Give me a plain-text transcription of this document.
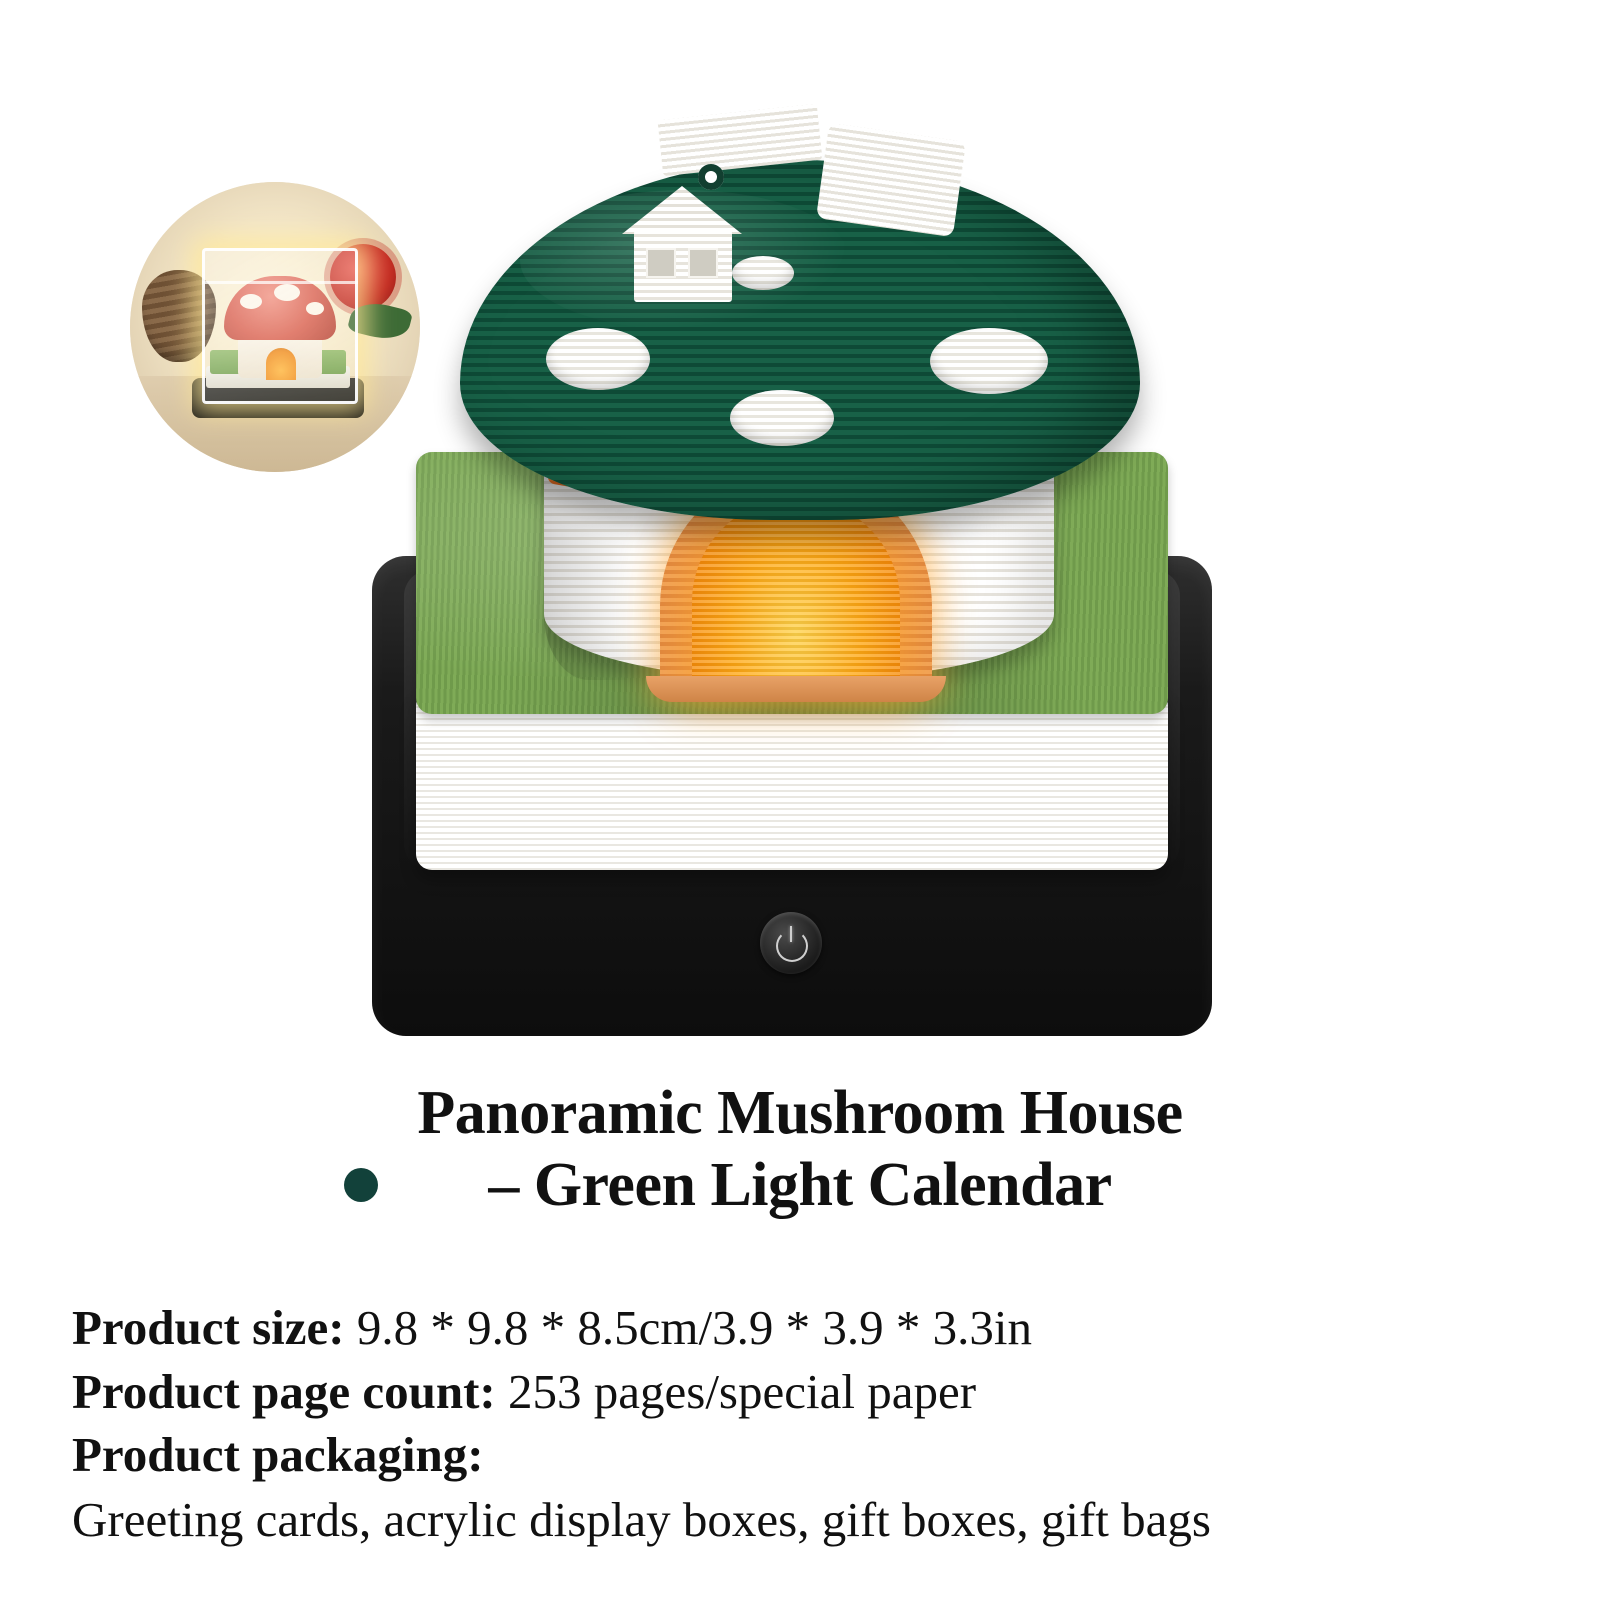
Panoramic Mushroom House
– Green Light Calendar
Product size: 9.8 * 9.8 * 8.5cm/3.9 * 3.9 * 3.3in
Product page count: 253 pages/special paper
Product packaging:
Greeting cards, acrylic display boxes, gift boxes, gift bags
